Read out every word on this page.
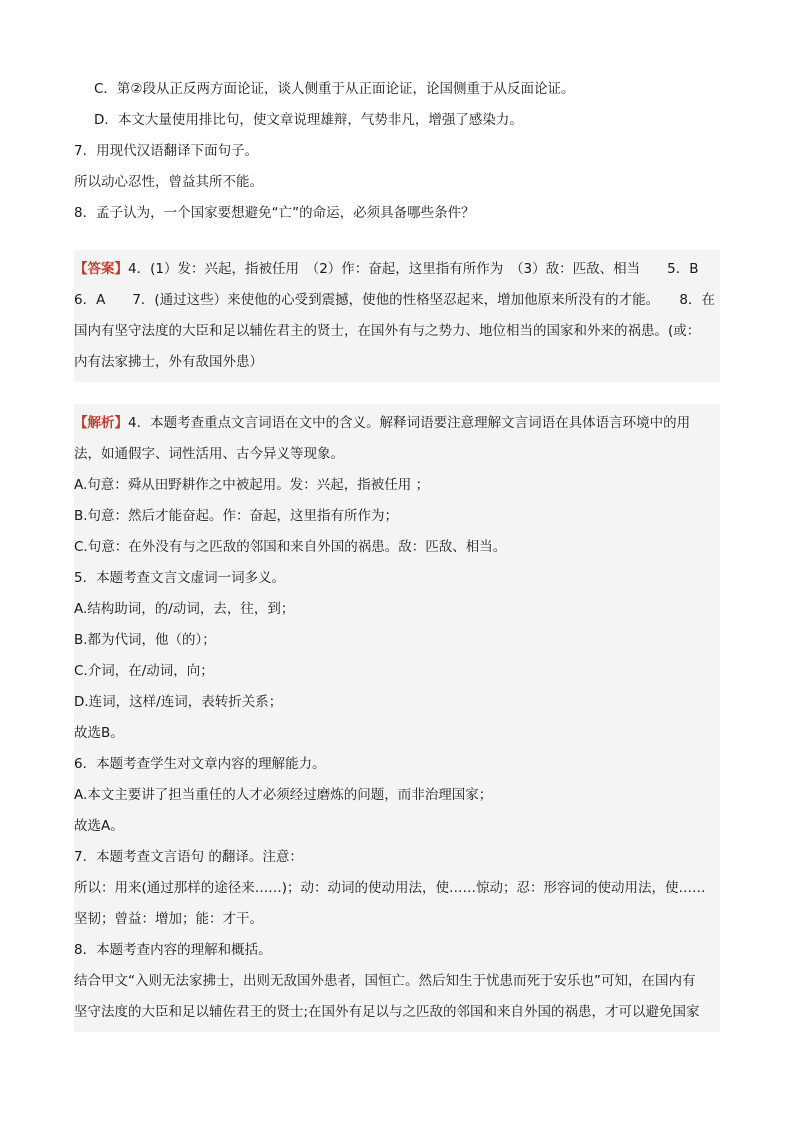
C．第②段从正反两方面论证，谈人侧重于从正面论证，论国侧重于从反面论证。

D．本文大量使用排比句，使文章说理雄辩，气势非凡，增强了感染力。

7．用现代汉语翻译下面句子。

所以动心忍性，曾益其所不能。

8．孟子认为，一个国家要想避免“亡”的命运，必须具备哪些条件？

【答案】4．(1）发：兴起，指被任用　（2）作：奋起，这里指有所作为　（3）敌：匹敌、相当　　5．B

6．A　　7．(通过这些）来使他的心受到震撼，使他的性格坚忍起来，增加他原来所没有的才能。　　8．在

国内有坚守法度的大臣和足以辅佐君主的贤士，在国外有与之势力、地位相当的国家和外来的祸患。(或：

内有法家拂士，外有敌国外患）

【解析】4．本题考查重点文言词语在文中的含义。解释词语要注意理解文言词语在具体语言环境中的用

法，如通假字、词性活用、古今异义等现象。

A.句意：舜从田野耕作之中被起用。发：兴起，指被任用 ；

B.句意：然后才能奋起。作：奋起，这里指有所作为；

C.句意：在外没有与之匹敌的邻国和来自外国的祸患。敌：匹敌、相当。

5．本题考查文言文虚词一词多义。

A.结构助词，的/动词，去，往，到；

B.都为代词，他（的）；

C.介词，在/动词，向；

D.连词，这样/连词，表转折关系；

故选B。

6．本题考查学生对文章内容的理解能力。

A.本文主要讲了担当重任的人才必须经过磨炼的问题，而非治理国家；

故选A。

7．本题考查文言语句 的翻译。注意：

所以：用来(通过那样的途径来……)；动：动词的使动用法，使……惊动；忍：形容词的使动用法，使……

坚韧；曾益：增加；能：才干。

8．本题考查内容的理解和概括。

结合甲文“入则无法家拂士，出则无敌国外患者，国恒亡。然后知生于忧患而死于安乐也”可知，在国内有

坚守法度的大臣和足以辅佐君王的贤士;在国外有足以与之匹敌的邻国和来自外国的祸患，才可以避免国家
